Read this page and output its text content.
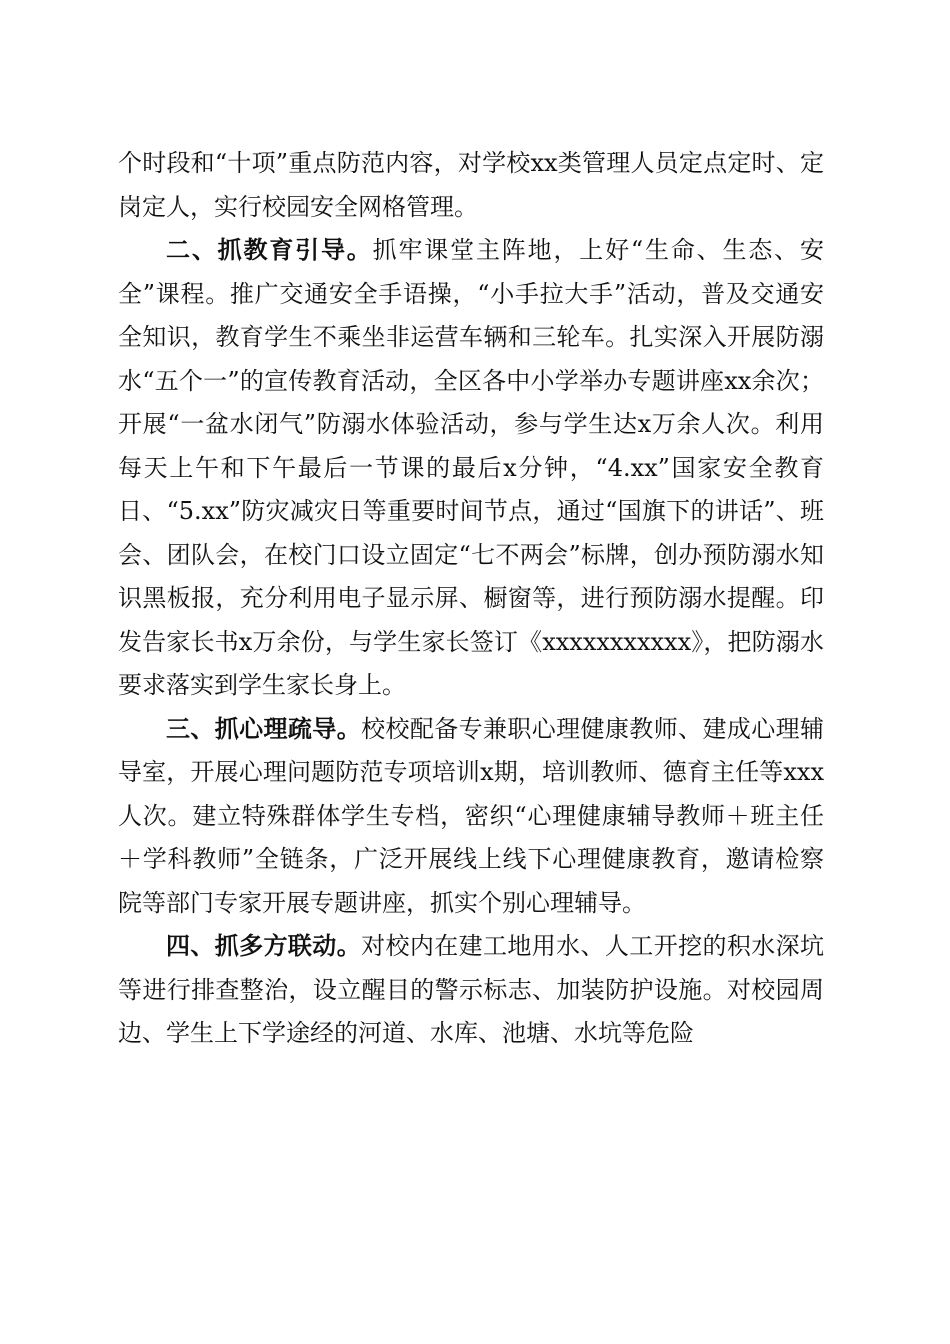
个时段和“十项”重点防范内容，对学校xx类管理人员定点定时、定岗定人，实行校园安全网格管理。

二、抓教育引导。抓牢课堂主阵地，上好“生命、生态、安全”课程。推广交通安全手语操，“小手拉大手”活动，普及交通安全知识，教育学生不乘坐非运营车辆和三轮车。扎实深入开展防溺水“五个一”的宣传教育活动，全区各中小学举办专题讲座xx余次；开展“一盆水闭气”防溺水体验活动，参与学生达x万余人次。利用每天上午和下午最后一节课的最后x分钟，“4.xx”国家安全教育日、“5.xx”防灾减灾日等重要时间节点，通过“国旗下的讲话”、班会、团队会，在校门口设立固定“七不两会”标牌，创办预防溺水知识黑板报，充分利用电子显示屏、橱窗等，进行预防溺水提醒。印发告家长书x万余份，与学生家长签订《xxxxxxxxxxx》，把防溺水要求落实到学生家长身上。

三、抓心理疏导。校校配备专兼职心理健康教师、建成心理辅导室，开展心理问题防范专项培训x期，培训教师、德育主任等xxx人次。建立特殊群体学生专档，密织“心理健康辅导教师＋班主任＋学科教师”全链条，广泛开展线上线下心理健康教育，邀请检察院等部门专家开展专题讲座，抓实个别心理辅导。

四、抓多方联动。对校内在建工地用水、人工开挖的积水深坑等进行排查整治，设立醒目的警示标志、加装防护设施。对校园周边、学生上下学途经的河道、水库、池塘、水坑等危险
